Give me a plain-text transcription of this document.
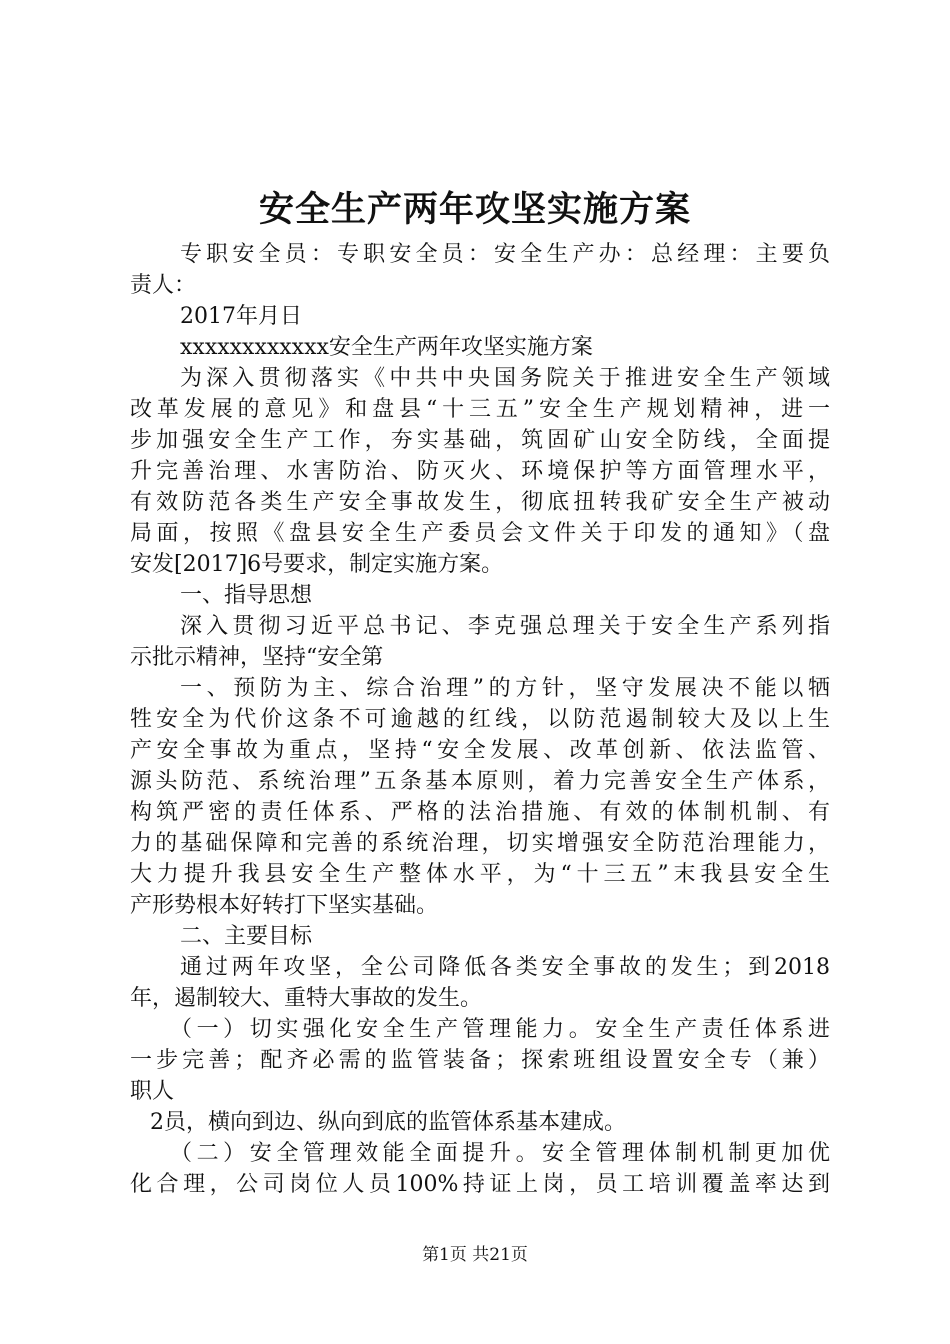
安全生产两年攻坚实施方案
专职安全员：专职安全员：安全生产办：总经理：主要负
责人：
2017年月日
xxxxxxxxxxxx安全生产两年攻坚实施方案
为深入贯彻落实《中共中央国务院关于推进安全生产领域
改革发展的意见》和盘县“十三五”安全生产规划精神，进一
步加强安全生产工作，夯实基础，筑固矿山安全防线，全面提
升完善治理、水害防治、防灭火、环境保护等方面管理水平，
有效防范各类生产安全事故发生，彻底扭转我矿安全生产被动
局面，按照《盘县安全生产委员会文件关于印发的通知》（盘
安发[2017]6号要求，制定实施方案。
一、指导思想
深入贯彻习近平总书记、李克强总理关于安全生产系列指
示批示精神，坚持“安全第
一、预防为主、综合治理”的方针，坚守发展决不能以牺
牲安全为代价这条不可逾越的红线，以防范遏制较大及以上生
产安全事故为重点，坚持“安全发展、改革创新、依法监管、
源头防范、系统治理”五条基本原则，着力完善安全生产体系，
构筑严密的责任体系、严格的法治措施、有效的体制机制、有
力的基础保障和完善的系统治理，切实增强安全防范治理能力，
大力提升我县安全生产整体水平，为“十三五”末我县安全生
产形势根本好转打下坚实基础。
二、主要目标
通过两年攻坚，全公司降低各类安全事故的发生；到2018
年，遏制较大、重特大事故的发生。
（一）切实强化安全生产管理能力。安全生产责任体系进
一步完善；配齐必需的监管装备；探索班组设置安全专（兼）
职人
2员，横向到边、纵向到底的监管体系基本建成。
（二）安全管理效能全面提升。安全管理体制机制更加优
化合理，公司岗位人员100%持证上岗，员工培训覆盖率达到
第1页 共21页
